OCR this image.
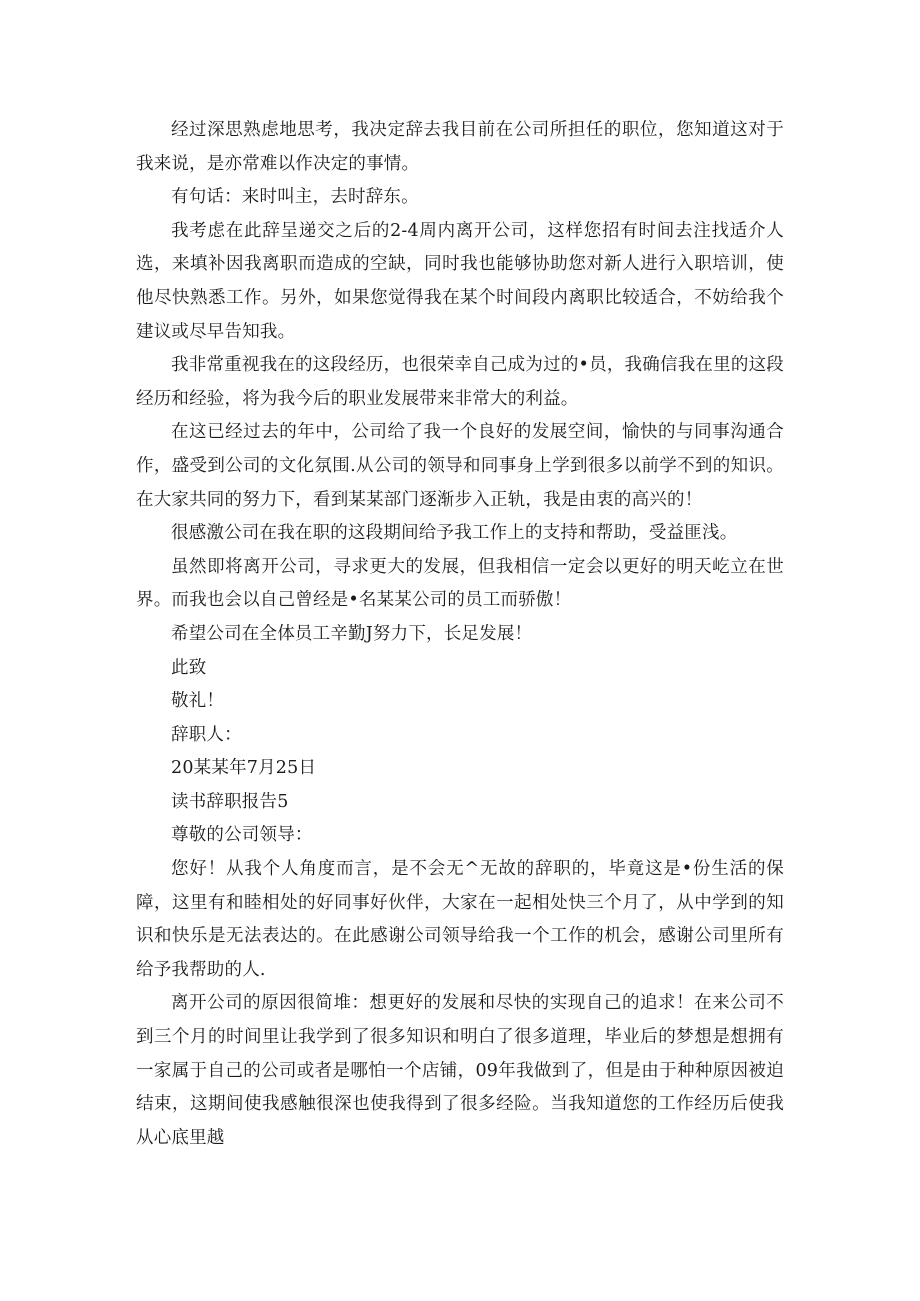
经过深思熟虑地思考，我决定辞去我目前在公司所担任的职位，您知道这对于我来说，是亦常难以作决定的事情。

有句话：来时叫主，去时辞东。

我考虑在此辞呈递交之后的2-4周内离开公司，这样您招有时间去注找适介人选，来填补因我离职而造成的空缺，同时我也能够协助您对新人进行入职培训，使他尽快熟悉工作。另外，如果您觉得我在某个时间段内离职比较适合，不妨给我个建议或尽早告知我。

我非常重视我在的这段经历，也很荣幸自己成为过的•员，我确信我在里的这段经历和经验，将为我今后的职业发展带来非常大的利益。

在这已经过去的年中，公司给了我一个良好的发展空间，愉快的与同事沟通合作，盛受到公司的文化氛围.从公司的领导和同事身上学到很多以前学不到的知识。在大家共同的努力下，看到某某部门逐渐步入正轨，我是由衷的高兴的！

很感激公司在我在职的这段期间给予我工作上的支持和帮助，受益匪浅。

虽然即将离开公司，寻求更大的发展，但我相信一定会以更好的明天屹立在世界。而我也会以自己曾经是•名某某公司的员工而骄傲！

希望公司在全体员工辛勤J努力下，长足发展！

此致

敬礼！

辞职人：

20某某年7月25日

读书辞职报告5

尊敬的公司领导：

您好！从我个人角度而言，是不会无^无故的辞职的，毕竟这是•份生活的保障，这里有和睦相处的好同事好伙伴，大家在一起相处快三个月了，从中学到的知识和快乐是无法表达的。在此感谢公司领导给我一个工作的机会，感谢公司里所有给予我帮助的人.

离开公司的原因很简堆：想更好的发展和尽快的实现自己的追求！在来公司不到三个月的时间里让我学到了很多知识和明白了很多道理，毕业后的梦想是想拥有一家属于自己的公司或者是哪怕一个店铺，09年我做到了，但是由于种种原因被迫结束，这期间使我感触很深也使我得到了很多经险。当我知道您的工作经历后使我从心底里越
